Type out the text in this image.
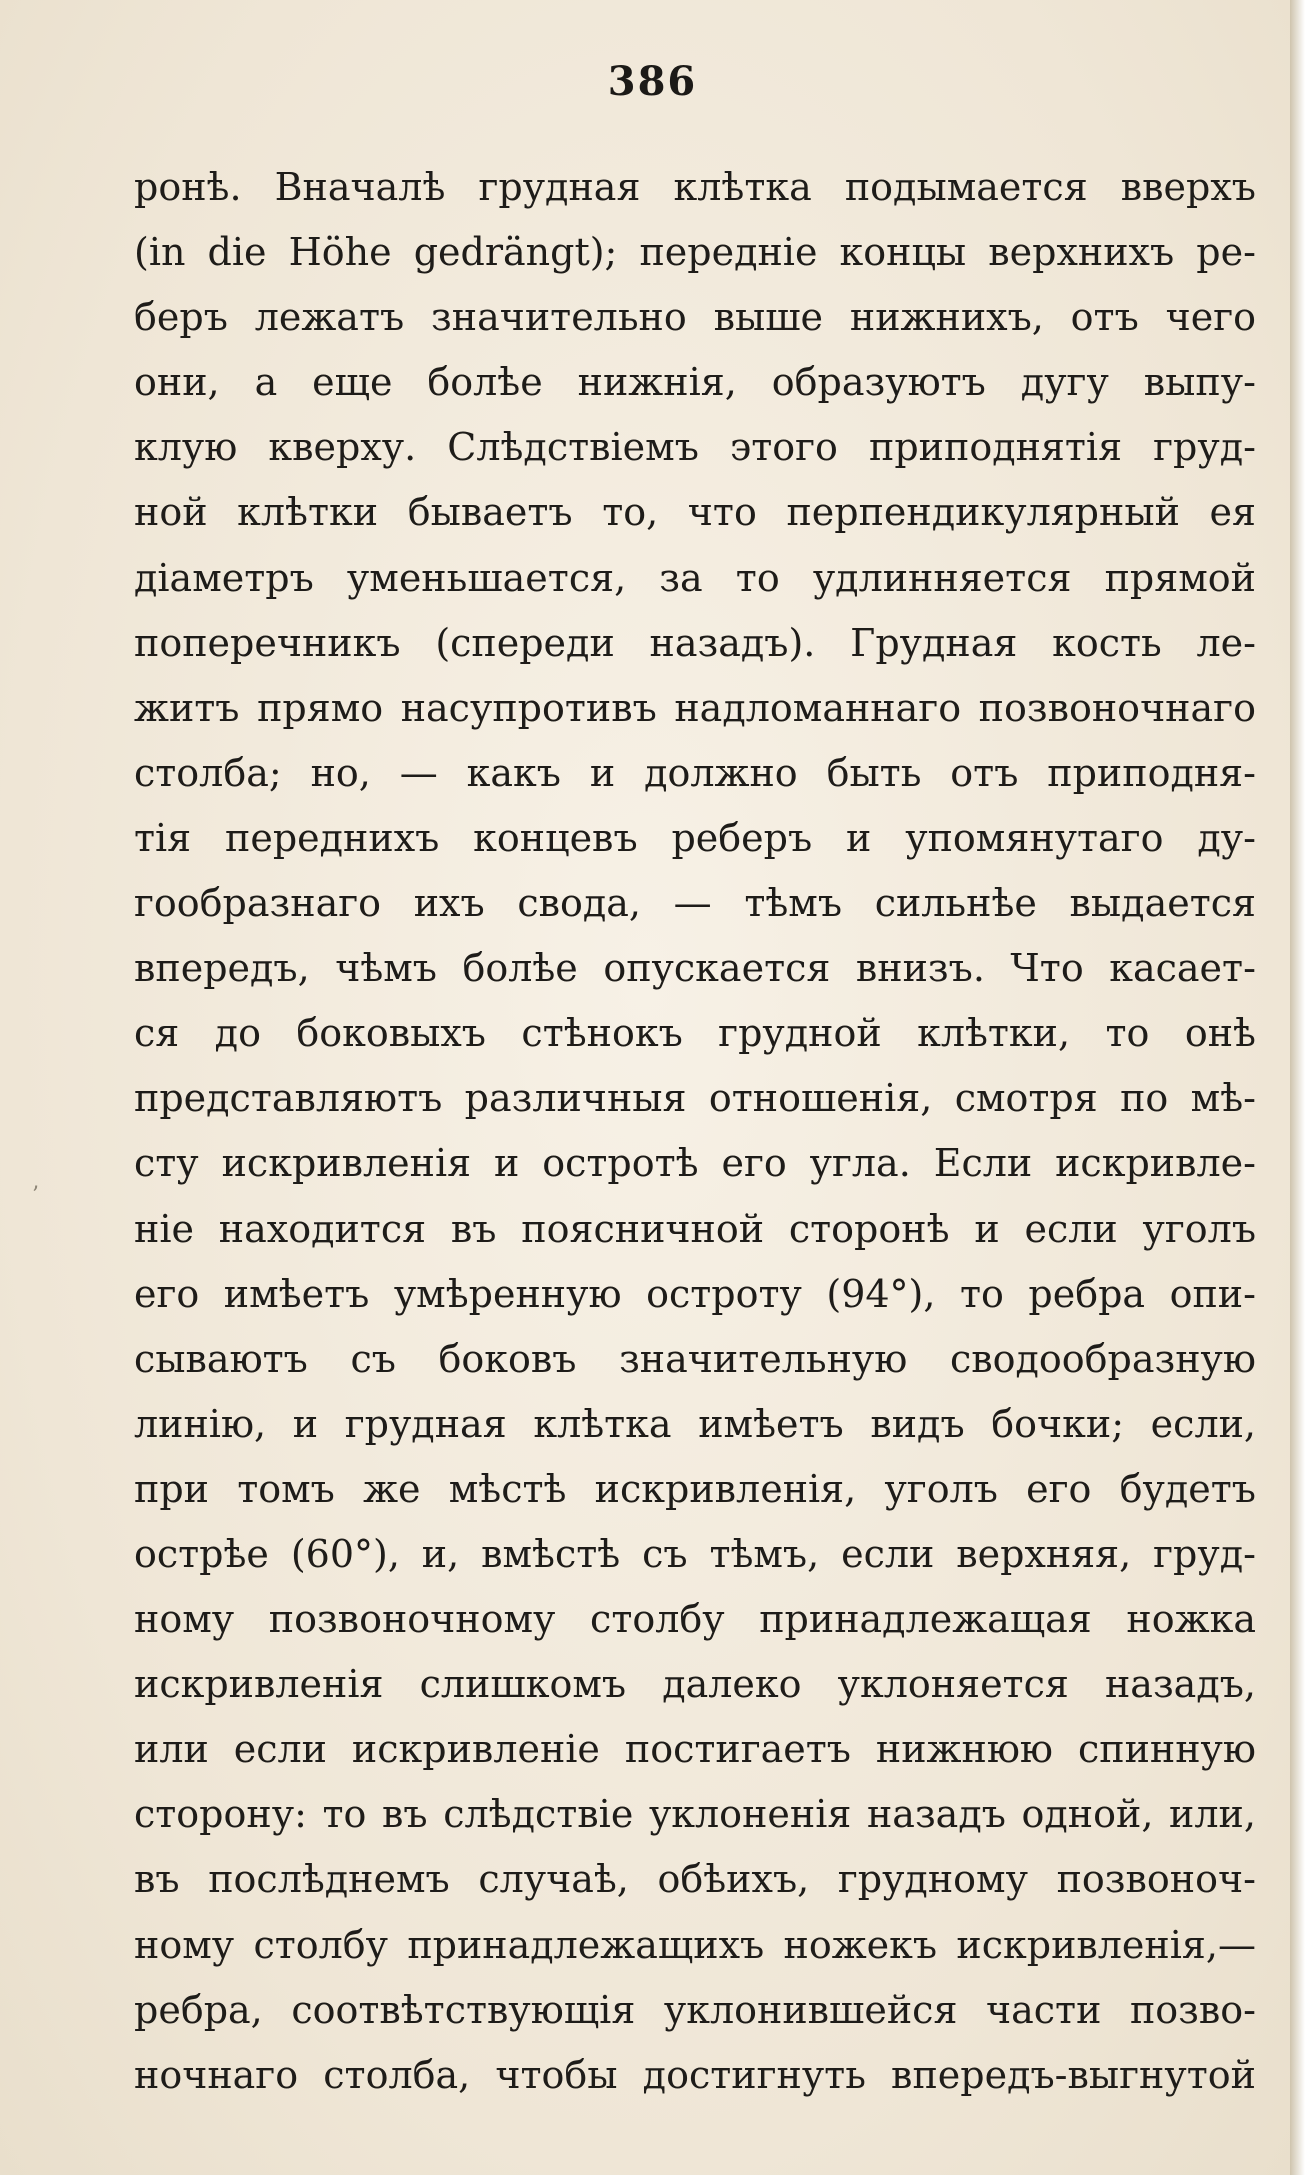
386
ронѣ. Вначалѣ грудная клѣтка подымается вверхъ
(in die Höhe gedrängt); передніе концы верхнихъ ре-
беръ лежатъ значительно выше нижнихъ, отъ чего
они, а еще болѣе нижнія, образуютъ дугу выпу-
клую кверху. Слѣдствіемъ этого приподнятія груд-
ной клѣтки бываетъ то, что перпендикулярный ея
діаметръ уменьшается, за то удлинняется прямой
поперечникъ (спереди назадъ). Грудная кость ле-
житъ прямо насупротивъ надломаннаго позвоночнаго
столба; но, — какъ и должно быть отъ приподня-
тія переднихъ концевъ реберъ и упомянутаго ду-
гообразнаго ихъ свода, — тѣмъ сильнѣе выдается
впередъ, чѣмъ болѣе опускается внизъ. Что касает-
ся до боковыхъ стѣнокъ грудной клѣтки, то онѣ
представляютъ различныя отношенія, смотря по мѣ-
сту искривленія и остротѣ его угла. Если искривле-
ніе находится въ поясничной сторонѣ и если уголъ
его имѣетъ умѣренную остроту (94°), то ребра опи-
сываютъ съ боковъ значительную сводообразную
линію, и грудная клѣтка имѣетъ видъ бочки; если,
при томъ же мѣстѣ искривленія, уголъ его будетъ
острѣе (60°), и, вмѣстѣ съ тѣмъ, если верхняя, груд-
ному позвоночному столбу принадлежащая ножка
искривленія слишкомъ далеко уклоняется назадъ,
или если искривленіе постигаетъ нижнюю спинную
сторону: то въ слѣдствіе уклоненія назадъ одной, или,
въ послѣднемъ случаѣ, обѣихъ, грудному позвоноч-
ному столбу принадлежащихъ ножекъ искривленія,—
ребра, соотвѣтствующія уклонившейся части позво-
ночнаго столба, чтобы достигнуть впередъ-выгнутой
’
